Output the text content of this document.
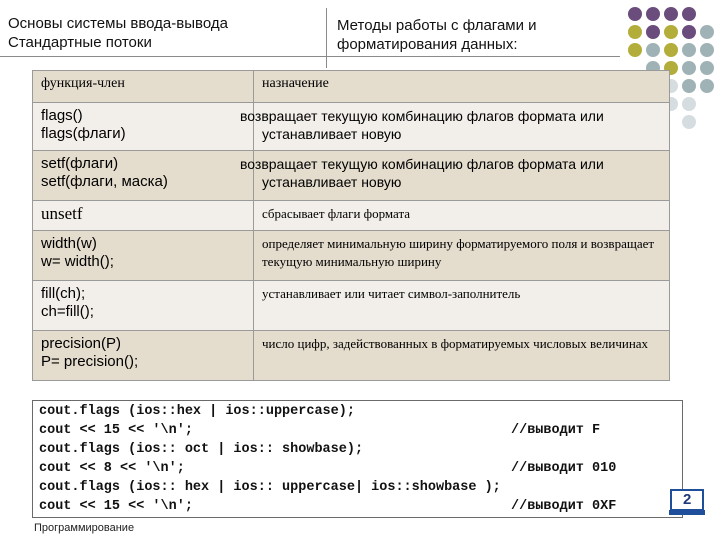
Основы системы ввода-вывода
Стандартные потоки
Методы работы с флагами и
форматирования данных:
функция-член	назначение
flags()
flags(флаги)	возвращает текущую комбинацию флагов формата или устанавливает новую
setf(флаги)
setf(флаги, маска)	возвращает текущую комбинацию флагов формата или устанавливает новую
unsetf	сбрасывает флаги формата
width(w)
w= width();	определяет минимальную ширину форматируемого поля и возвращает текущую минимальную ширину
fill(ch);
ch=fill();	устанавливает или читает символ-заполнитель
precision(P)
P= precision();	число цифр, задействованных в форматируемых числовых величинах
cout.flags (ios::hex | ios::uppercase);
cout << 15 << '\n';	//выводит F
cout.flags (ios:: oct | ios:: showbase);
cout << 8 << '\n';	//выводит 010
cout.flags (ios:: hex | ios:: uppercase| ios::showbase );
cout << 15 << '\n';	//выводит 0XF
Программирование
2
